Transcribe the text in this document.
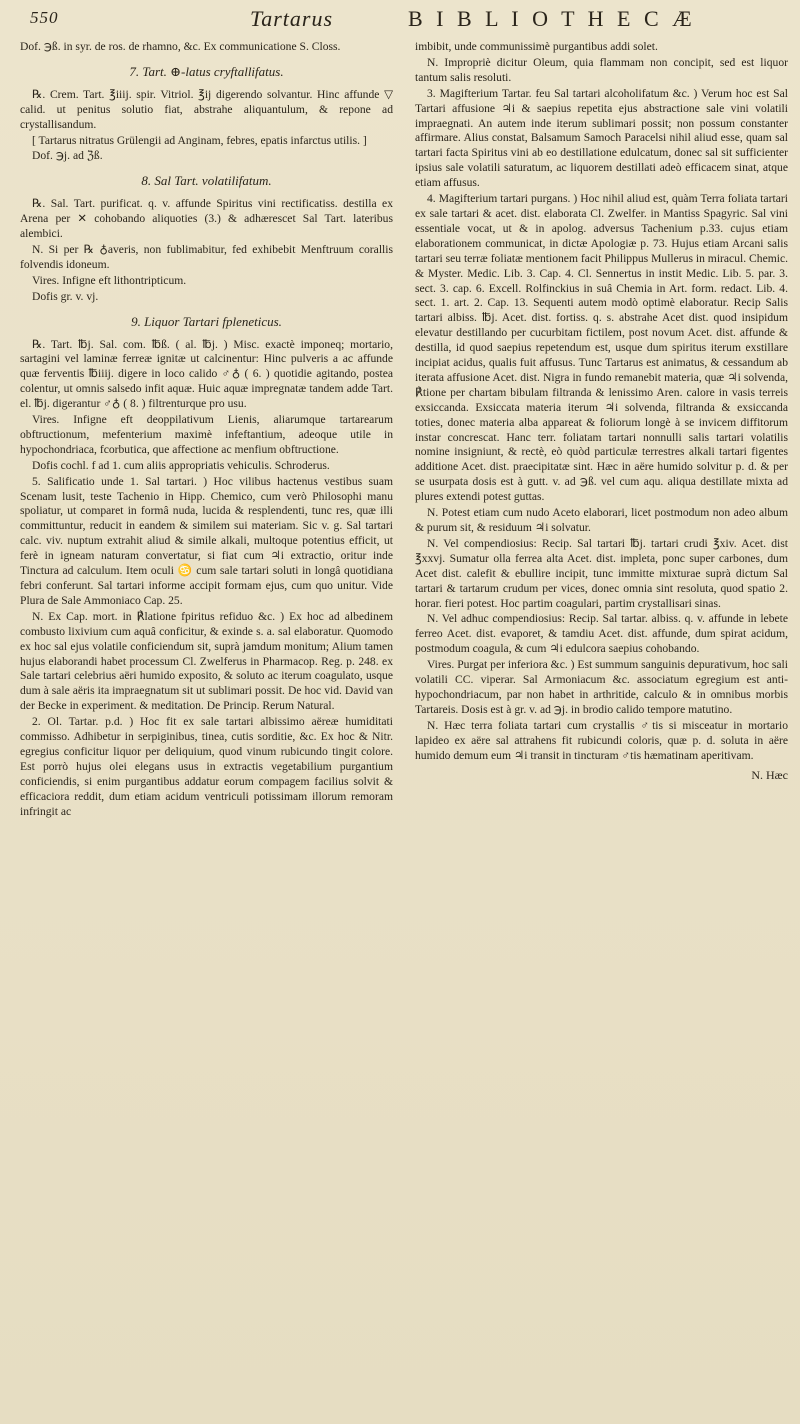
550	Tartarus	B I B L I O T H E C Æ

Dof. ℈ß. in syr. de ros. de rhamno, &c. Ex communicatione S. Closs.

7. Tart. ⊕-latus cryftallifatus.

℞. Crem. Tart. ℥iiij. spir. Vitriol. ℥ij digerendo solvantur. Hinc affunde ▽ calid. ut penitus solutio fiat, abstrahe aliquantulum, & repone ad crystallisandum.

[ Tartarus nitratus Grülengii ad Anginam, febres, epatis infarctus utilis. ]

Dof. ℈j. ad ℨß.

8. Sal Tart. volatilifatum.

℞. Sal. Tart. purificat. q. v. affunde Spiritus vini rectificatiss. destilla ex Arena per ✕ cohobando aliquoties (3.) & adhærescet Sal Tart. lateribus alembici.

N. Si per ℞ ♁averis, non fublimabitur, fed exhibebit Menftruum corallis folvendis idoneum.

Vires. Infigne eft lithontripticum.

Dofis gr. v. vj.

9. Liquor Tartari fpleneticus.

℞. Tart. ℔j. Sal. com. ℔ß. ( al. ℔j. ) Misc. exactè imponeq; mortario, sartagini vel laminæ ferreæ ignitæ ut calcinentur: Hinc pulveris a ac affunde quæ ferventis ℔iiij. digere in loco calido ♂♁ ( 6. ) quotidie agitando, postea colentur, ut omnis salsedo infit aquæ. Huic aquæ impregnatæ tandem adde Tart. el. ℔j. digerantur ♂♁ ( 8. ) filtrenturque pro usu.

Vires. Infigne eft deoppilativum Lienis, aliarumque tartarearum obftructionum, mefenterium maximè infeftantium, adeoque utile in hypochondriaca, fcorbutica, que affectione ac menfium obftructione.

Dofis cochl. f ad 1. cum aliis appropriatis vehiculis. Schroderus.

5. Salificatio unde 1. Sal tartari. ) Hoc vilibus hactenus vestibus suam Scenam lusit, teste Tachenio in Hipp. Chemico, cum verò Philosophi manu spoliatur, ut comparet in formâ nuda, lucida & resplendenti, tunc res, quæ illi committuntur, reducit in eandem & similem sui materiam. Sic v. g. Sal tartari calc. viv. nuptum extrahit aliud & simile alkali, multoque potentius efficit, ut ferè in igneam naturam convertatur, si fiat cum ♃i extractio, oritur inde Tinctura ad calculum. Item oculi ♋ cum sale tartari soluti in longâ quotidiana febri conferunt. Sal tartari informe accipit formam ejus, cum quo unitur. Vide Plura de Sale Ammoniaco Cap. 25.

N. Ex Cap. mort. in ℟latione fpiritus refiduo &c. ) Ex hoc ad albedinem combusto lixivium cum aquâ conficitur, & exinde s. a. sal elaboratur. Quomodo ex hoc sal ejus volatile conficiendum sit, suprà jamdum monitum; Alium tamen hujus elaborandi habet processum Cl. Zwelferus in Pharmacop. Reg. p. 248. ex Sale tartari celebrius aëri humido exposito, & soluto ac iterum coagulato, usque dum à sale aëris ita impraegnatum sit ut sublimari possit. De hoc vid. David van der Becke in experiment. & meditation. De Princip. Rerum Natural.

2. Ol. Tartar. p.d. ) Hoc fit ex sale tartari albissimo aëreæ humiditati commisso. Adhibetur in serpiginibus, tinea, cutis sorditie, &c. Ex hoc & Nitr. egregius conficitur liquor per deliquium, quod vinum rubicundo tingit colore. Est porrò hujus olei elegans usus in extractis vegetabilium purgantium conficiendis, si enim purgantibus addatur eorum compagem facilius solvit & efficaciora reddit, dum etiam acidum ventriculi potissimam illorum remoram infringit ac

imbibit, unde communissimè purgantibus addi solet.

N. Impropriè dicitur Oleum, quia flammam non concipit, sed est liquor tantum salis resoluti.

3. Magifterium Tartar. feu Sal tartari alcoholifatum &c. ) Verum hoc est Sal Tartari affusione ♃i & saepius repetita ejus abstractione sale vini volatili impraegnati. An autem inde iterum sublimari possit; non possum constanter affirmare. Alius constat, Balsamum Samoch Paracelsi nihil aliud esse, quam sal tartari facta Spiritus vini ab eo destillatione edulcatum, donec sal sit sufficienter ipsius sale volatili saturatum, ac liquorem destillati adeò efficacem sinat, atque etiam affusus.

4. Magifterium tartari purgans. ) Hoc nihil aliud est, quàm Terra foliata tartari ex sale tartari & acet. dist. elaborata Cl. Zwelfer. in Mantiss Spagyric. Sal vini essentiale vocat, ut & in apolog. adversus Tachenium p.33. cujus etiam elaborationem communicat, in dictæ Apologiæ p. 73. Hujus etiam Arcani salis tartari seu terræ foliatæ mentionem facit Philippus Mullerus in miracul. Chemic. & Myster. Medic. Lib. 3. Cap. 4. Cl. Sennertus in instit Medic. Lib. 5. par. 3. sect. 3. cap. 6. Excell. Rolfinckius in suâ Chemia in Art. form. redact. Lib. 4. sect. 1. art. 2. Cap. 13. Sequenti autem modò optimè elaboratur. Recip Salis tartari albiss. ℔j. Acet. dist. fortiss. q. s. abstrahe Acet dist. quod insipidum elevatur destillando per cucurbitam fictilem, post novum Acet. dist. affunde & destilla, id quod saepius repetendum est, usque dum spiritus iterum exstillare incipiat acidus, qualis fuit affusus. Tunc Tartarus est animatus, & cessandum ab iterata affusione Acet. dist. Nigra in fundo remanebit materia, quæ ♃i solvenda, ℟tione per chartam bibulam filtranda & lenissimo Aren. calore in vasis terreis exsiccanda. Exsiccata materia iterum ♃i solvenda, filtranda & exsiccanda toties, donec materia alba appareat & foliorum longè à se invicem diffitorum instar concrescat. Hanc terr. foliatam tartari nonnulli salis tartari volatilis nomine insigniunt, & rectè, eò quòd particulæ terrestres alkali tartari figentes additione Acet. dist. praecipitatæ sint. Hæc in aëre humido solvitur p. d. & per se usurpata dosis est à gutt. v. ad ℈ß. vel cum aqu. aliqua destillate mixta ad plures extendi potest guttas.

N. Potest etiam cum nudo Aceto elaborari, licet postmodum non adeo album & purum sit, & residuum ♃i solvatur.

N. Vel compendiosius: Recip. Sal tartari ℔j. tartari crudi ℥xiv. Acet. dist ℥xxvj. Sumatur olla ferrea alta Acet. dist. impleta, ponc super carbones, dum Acet dist. calefit & ebullire incipit, tunc immitte mixturae suprà dictum Sal tartari & tartarum crudum per vices, donec omnia sint resoluta, quod spatio 2. horar. fieri potest. Hoc partim coagulari, partim crystallisari sinas.

N. Vel adhuc compendiosius: Recip. Sal tartar. albiss. q. v. affunde in lebete ferreo Acet. dist. evaporet, & tamdiu Acet. dist. affunde, dum spirat acidum, postmodum coagula, & cum ♃i edulcora saepius cohobando.

Vires. Purgat per inferiora &c. ) Est summum sanguinis depurativum, hoc sali volatili CC. viperar. Sal Armoniacum &c. associatum egregium est anti-hypochondriacum, par non habet in arthritide, calculo & in omnibus morbis Tartareis. Dosis est à gr. v. ad ℈j. in brodio calido tempore matutino.

N. Hæc terra foliata tartari cum crystallis ♂tis si misceatur in mortario lapideo ex aëre sal attrahens fit rubicundi coloris, quæ p. d. soluta in aëre humido demum eum ♃i transit in tincturam ♂tis hæmatinam aperitivam.

N. Hæc
